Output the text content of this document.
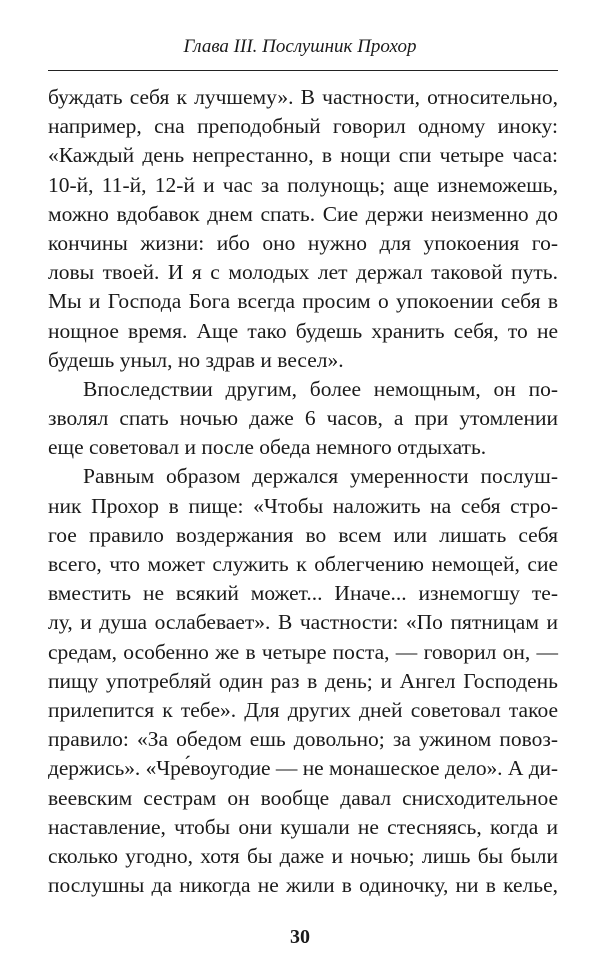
Глава III. Послушник Прохор
буждать себя к лучшему». В частности, относительно,
например, сна преподобный говорил одному иноку:
«Каждый день непрестанно, в нощи спи четыре часа:
10-й, 11-й, 12-й и час за полунощь; аще изнеможешь,
можно вдобавок днем спать. Сие держи неизменно до
кончины жизни: ибо оно нужно для упокоения го-
ловы твоей. И я с молодых лет держал таковой путь.
Мы и Господа Бога всегда просим о упокоении себя в
нощное время. Аще тако будешь хранить себя, то не
будешь уныл, но здрав и весел».
Впоследствии другим, более немощным, он по-
зволял спать ночью даже 6 часов, а при утомлении
еще советовал и после обеда немного отдыхать.
Равным образом держался умеренности послуш-
ник Прохор в пище: «Чтобы наложить на себя стро-
гое правило воздержания во всем или лишать себя
всего, что может служить к облегчению немощей, сие
вместить не всякий может... Иначе... изнемогшу те-
лу, и душа ослабевает». В частности: «По пятницам и
средам, особенно же в четыре поста, — говорил он, —
пищу употребляй один раз в день; и Ангел Господень
прилепится к тебе». Для других дней советовал такое
правило: «За обедом ешь довольно; за ужином повоз-
держись». «Чре́воугодие — не монашеское дело». А ди-
веевским сестрам он вообще давал снисходительное
наставление, чтобы они кушали не стесняясь, когда и
сколько угодно, хотя бы даже и ночью; лишь бы были
послушны да никогда не жили в одиночку, ни в келье,
30
